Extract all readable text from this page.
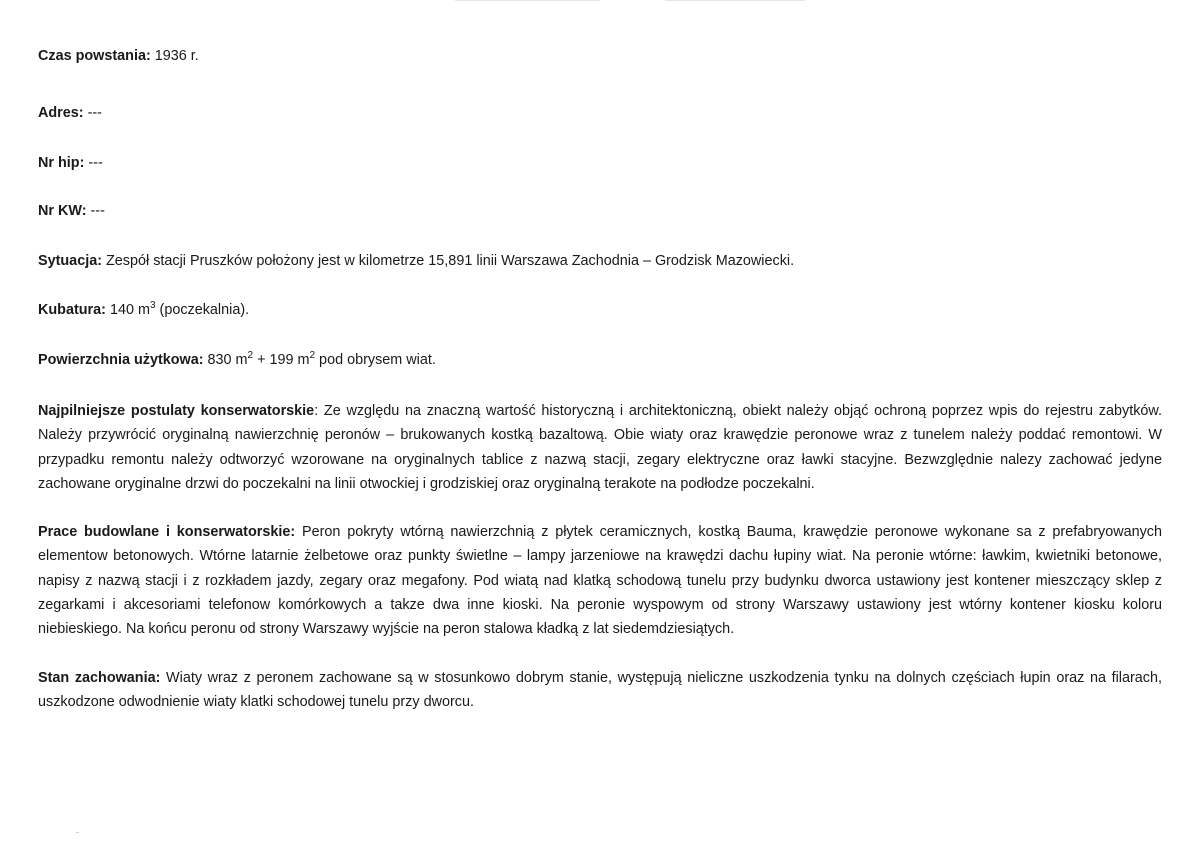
Czas powstania: 1936 r.

Adres: ---

Nr hip: ---

Nr KW: ---

Sytuacja: Zespół stacji Pruszków położony jest w kilometrze 15,891 linii Warszawa Zachodnia – Grodzisk Mazowiecki.

Kubatura: 140 $m^3$ (poczekalnia).

Powierzchnia użytkowa: 830 $m^2 + 199$ $m^2$ pod obrysem wiat.

Najpilniejsze postulaty konserwatorskie: Ze względu na znaczną wartość historyczną i architektoniczną, obiekt należy objąć ochroną poprzez wpis do rejestru zabytków. Należy przywrócić oryginalną nawierzchnię peronów – brukowanych kostką bazaltową. Obie wiaty oraz krawędzie peronowe wraz z tunelem należy poddać remontowi. W przypadku remontu należy odtworzyć wzorowane na oryginalnych tablice z nazwą stacji, zegary elektryczne oraz ławki stacyjne. Bezwzględnie nalezy zachować jedyne zachowane oryginalne drzwi do poczekalni na linii otwockiej i grodziskiej oraz oryginalną terakote na podłodze poczekalni.

Prace budowlane i konserwatorskie: Peron pokryty wtórną nawierzchnią z płytek ceramicznych, kostką Bauma, krawędzie peronowe wykonane sa z prefabryowanych elementow betonowych. Wtórne latarnie żelbetowe oraz punkty świetlne – lampy jarzeniowe na krawędzi dachu łupiny wiat. Na peronie wtórne: ławkim, kwietniki betonowe, napisy z nazwą stacji i z rozkładem jazdy, zegary oraz megafony. Pod wiatą nad klatką schodową tunelu przy budynku dworca ustawiony jest kontener mieszczący sklep z zegarkami i akcesoriami telefonow komórkowych a takze dwa inne kioski. Na peronie wyspowym od strony Warszawy ustawiony jest wtórny kontener kiosku koloru niebieskiego. Na końcu peronu od strony Warszawy wyjście na peron stalowa kładką z lat siedemdziesiątych.

Stan zachowania: Wiaty wraz z peronem zachowane są w stosunkowo dobrym stanie, występują nieliczne uszkodzenia tynku na dolnych częściach łupin oraz na filarach, uszkodzone odwodnienie wiaty klatki schodowej tunelu przy dworcu.
